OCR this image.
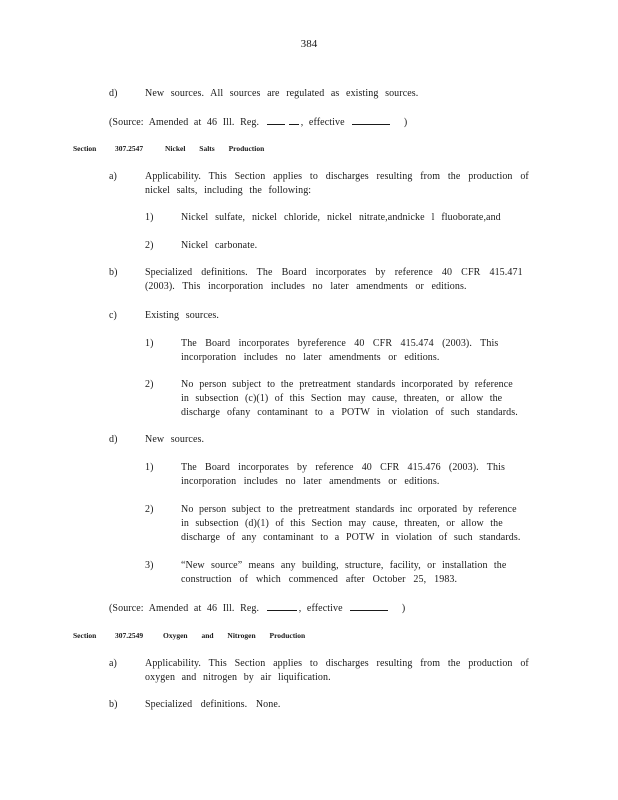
384
d)	New sources. All sources are regulated as existing sources.
(Source: Amended at 46 Ill. Reg.	, effective	)
Section 307.2547	Nickel Salts Production
a)	Applicability. This Section applies to discharges resulting from the production of
nickel salts, including the following:
1)	Nickel sulfate, nickel chloride, nickel nitrate,andnicke l fluoborate,and
2)	Nickel carbonate.
b)	Specialized definitions. The Board incorporates by reference 40 CFR 415.471
(2003). This incorporation includes no later amendments or editions.
c)	Existing sources.
1)	The Board incorporates byreference 40 CFR 415.474 (2003). This
incorporation includes no later amendments or editions.
2)	No person subject to the pretreatment standards incorporated by reference
in subsection (c)(1) of this Section may cause, threaten, or allow the
discharge ofany contaminant to a POTW in violation of such standards.
d)	New sources.
1)	The Board incorporates by reference 40 CFR 415.476 (2003). This
incorporation includes no later amendments or editions.
2)	No person subject to the pretreatment standards inc orporated by reference
in subsection (d)(1) of this Section may cause, threaten, or allow the
discharge of any contaminant to a POTW in violation of such standards.
3)	“New source” means any building, structure, facility, or installation the
construction of which commenced after October 25, 1983.
(Source: Amended at 46 Ill. Reg.	, effective	)
Section 307.2549	Oxygen and Nitrogen Production
a)	Applicability. This Section applies to discharges resulting from the production of
oxygen and nitrogen by air liquification.
b)	Specialized definitions. None.
